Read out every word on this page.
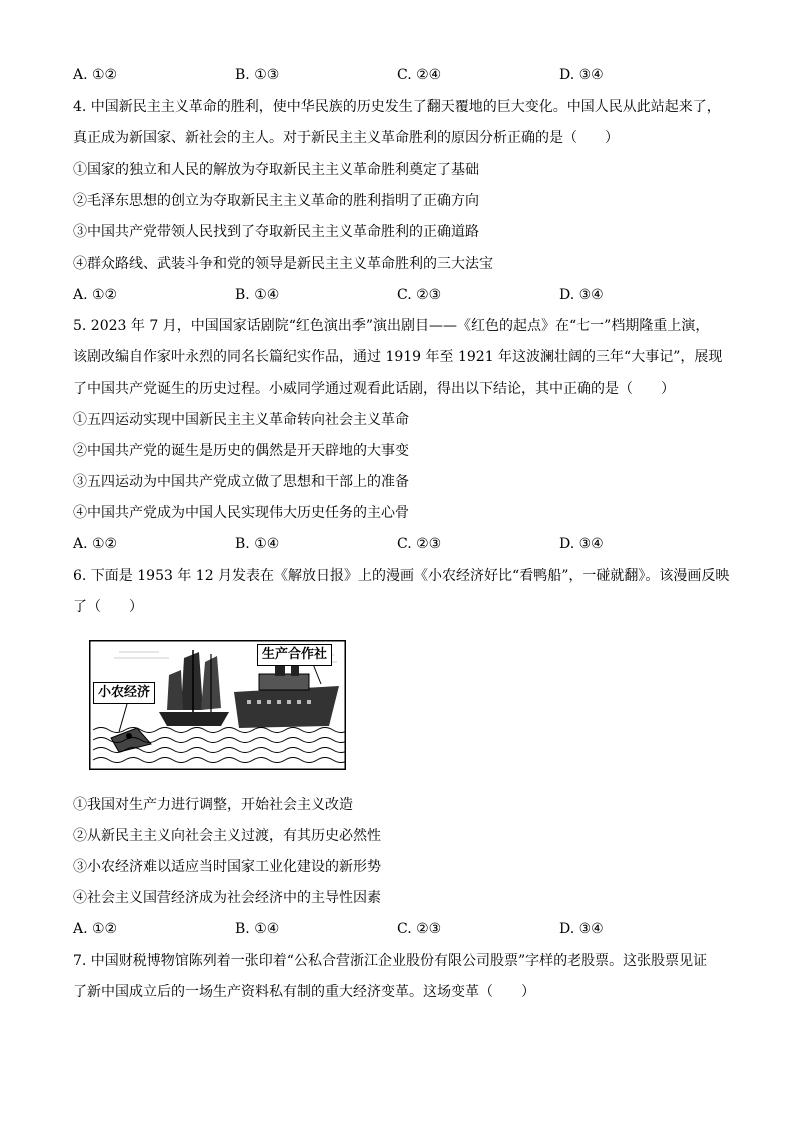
A. ①②	B. ①③	C. ②④	D. ③④
4. 中国新民主主义革命的胜利，使中华民族的历史发生了翻天覆地的巨大变化。中国人民从此站起来了，
真正成为新国家、新社会的主人。对于新民主主义革命胜利的原因分析正确的是（　　）
①国家的独立和人民的解放为夺取新民主主义革命胜利奠定了基础
②毛泽东思想的创立为夺取新民主主义革命的胜利指明了正确方向
③中国共产党带领人民找到了夺取新民主主义革命胜利的正确道路
④群众路线、武装斗争和党的领导是新民主主义革命胜利的三大法宝
A. ①②	B. ①④	C. ②③	D. ③④
5. 2023 年 7 月，中国国家话剧院“红色演出季”演出剧目——《红色的起点》在“七一”档期隆重上演，
该剧改编自作家叶永烈的同名长篇纪实作品，通过 1919 年至 1921 年这波澜壮阔的三年“大事记”，展现
了中国共产党诞生的历史过程。小威同学通过观看此话剧，得出以下结论，其中正确的是（　　）
①五四运动实现中国新民主主义革命转向社会主义革命
②中国共产党的诞生是历史的偶然是开天辟地的大事变
③五四运动为中国共产党成立做了思想和干部上的准备
④中国共产党成为中国人民实现伟大历史任务的主心骨
A. ①②	B. ①④	C. ②③	D. ③④
6. 下面是 1953 年 12 月发表在《解放日报》上的漫画《小农经济好比“看鸭船”，一碰就翻》。该漫画反映
了（　　）
小农经济
生产合作社
①我国对生产力进行调整，开始社会主义改造
②从新民主主义向社会主义过渡，有其历史必然性
③小农经济难以适应当时国家工业化建设的新形势
④社会主义国营经济成为社会经济中的主导性因素
A. ①②	B. ①④	C. ②③	D. ③④
7. 中国财税博物馆陈列着一张印着“公私合营浙江企业股份有限公司股票”字样的老股票。这张股票见证
了新中国成立后的一场生产资料私有制的重大经济变革。这场变革（　　）
